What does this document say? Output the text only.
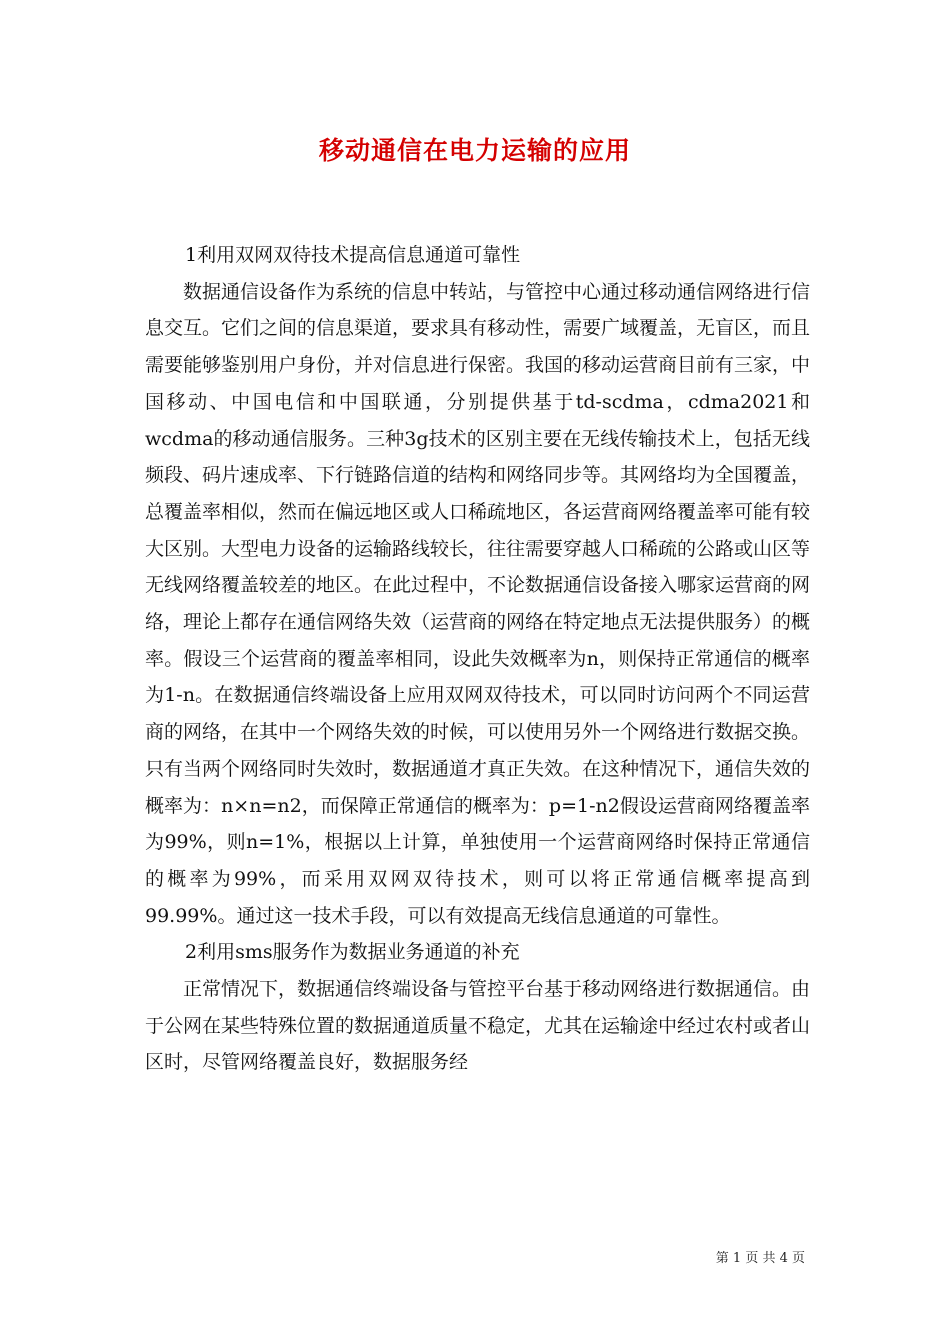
移动通信在电力运输的应用

1利用双网双待技术提高信息通道可靠性

数据通信设备作为系统的信息中转站，与管控中心通过移动通信网络进行信息交互。它们之间的信息渠道，要求具有移动性，需要广域覆盖，无盲区，而且需要能够鉴别用户身份，并对信息进行保密。我国的移动运营商目前有三家，中国移动、中国电信和中国联通，分别提供基于td-scdma，cdma2021和wcdma的移动通信服务。三种3g技术的区别主要在无线传输技术上，包括无线频段、码片速成率、下行链路信道的结构和网络同步等。其网络均为全国覆盖，总覆盖率相似，然而在偏远地区或人口稀疏地区，各运营商网络覆盖率可能有较大区别。大型电力设备的运输路线较长，往往需要穿越人口稀疏的公路或山区等无线网络覆盖较差的地区。在此过程中，不论数据通信设备接入哪家运营商的网络，理论上都存在通信网络失效（运营商的网络在特定地点无法提供服务）的概率。假设三个运营商的覆盖率相同，设此失效概率为n，则保持正常通信的概率为1-n。在数据通信终端设备上应用双网双待技术，可以同时访问两个不同运营商的网络，在其中一个网络失效的时候，可以使用另外一个网络进行数据交换。只有当两个网络同时失效时，数据通道才真正失效。在这种情况下，通信失效的概率为：n×n=n2，而保障正常通信的概率为：p=1-n2假设运营商网络覆盖率为99%，则n=1%，根据以上计算，单独使用一个运营商网络时保持正常通信的概率为99%，而采用双网双待技术，则可以将正常通信概率提高到99.99%。通过这一技术手段，可以有效提高无线信息通道的可靠性。

2利用sms服务作为数据业务通道的补充

正常情况下，数据通信终端设备与管控平台基于移动网络进行数据通信。由于公网在某些特殊位置的数据通道质量不稳定，尤其在运输途中经过农村或者山区时，尽管网络覆盖良好，数据服务经

第 1 页 共 4 页
